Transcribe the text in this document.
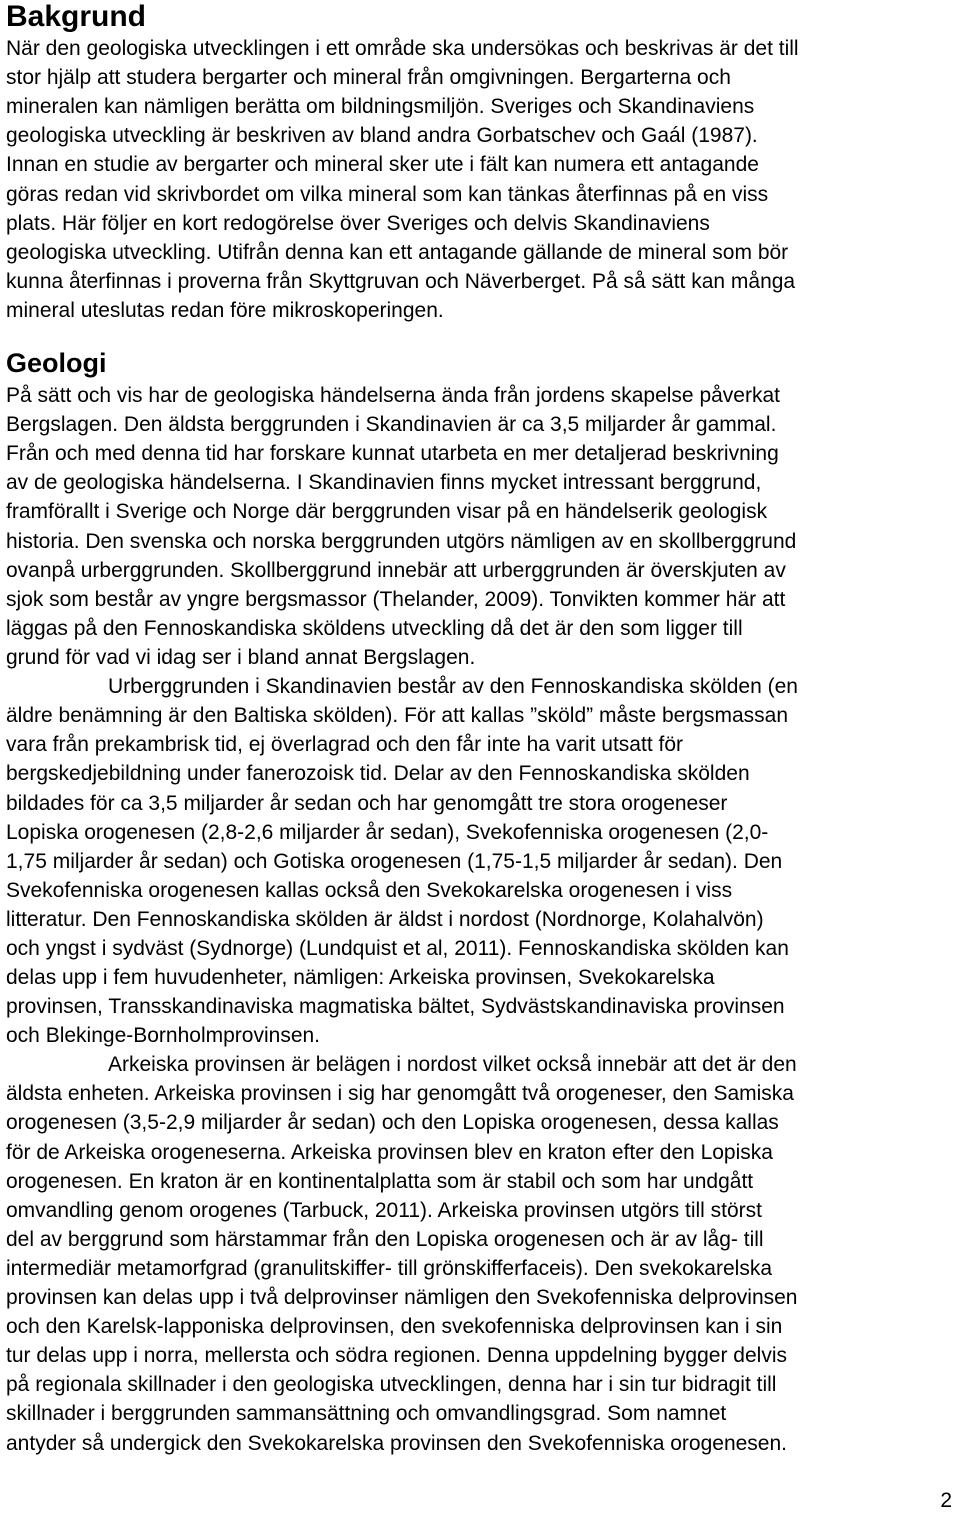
Bakgrund

När den geologiska utvecklingen i ett område ska undersökas och beskrivas är det till

stor hjälp att studera bergarter och mineral från omgivningen. Bergarterna och

mineralen kan nämligen berätta om bildningsmiljön. Sveriges och Skandinaviens

geologiska utveckling är beskriven av bland andra Gorbatschev och Gaál (1987).

Innan en studie av bergarter och mineral sker ute i fält kan numera ett antagande

göras redan vid skrivbordet om vilka mineral som kan tänkas återfinnas på en viss

plats. Här följer en kort redogörelse över Sveriges och delvis Skandinaviens

geologiska utveckling. Utifrån denna kan ett antagande gällande de mineral som bör

kunna återfinnas i proverna från Skyttgruvan och Näverberget. På så sätt kan många

mineral uteslutas redan före mikroskoperingen.

Geologi

På sätt och vis har de geologiska händelserna ända från jordens skapelse påverkat

Bergslagen. Den äldsta berggrunden i Skandinavien är ca 3,5 miljarder år gammal.

Från och med denna tid har forskare kunnat utarbeta en mer detaljerad beskrivning

av de geologiska händelserna. I Skandinavien finns mycket intressant berggrund,

framförallt i Sverige och Norge där berggrunden visar på en händelserik geologisk

historia. Den svenska och norska berggrunden utgörs nämligen av en skollberggrund

ovanpå urberggrunden. Skollberggrund innebär att urberggrunden är överskjuten av

sjok som består av yngre bergsmassor (Thelander, 2009). Tonvikten kommer här att

läggas på den Fennoskandiska sköldens utveckling då det är den som ligger till

grund för vad vi idag ser i bland annat Bergslagen.

Urberggrunden i Skandinavien består av den Fennoskandiska skölden (en

äldre benämning är den Baltiska skölden). För att kallas ”sköld” måste bergsmassan

vara från prekambrisk tid, ej överlagrad och den får inte ha varit utsatt för

bergskedjebildning under fanerozoisk tid. Delar av den Fennoskandiska skölden

bildades för ca 3,5 miljarder år sedan och har genomgått tre stora orogeneser

Lopiska orogenesen (2,8-2,6 miljarder år sedan), Svekofenniska orogenesen (2,0-

1,75 miljarder år sedan) och Gotiska orogenesen (1,75-1,5 miljarder år sedan). Den

Svekofenniska orogenesen kallas också den Svekokarelska orogenesen i viss

litteratur. Den Fennoskandiska skölden är äldst i nordost (Nordnorge, Kolahalvön)

och yngst i sydväst (Sydnorge) (Lundquist et al, 2011). Fennoskandiska skölden kan

delas upp i fem huvudenheter, nämligen: Arkeiska provinsen, Svekokarelska

provinsen, Transskandinaviska magmatiska bältet, Sydvästskandinaviska provinsen

och Blekinge-Bornholmprovinsen.

Arkeiska provinsen är belägen i nordost vilket också innebär att det är den

äldsta enheten. Arkeiska provinsen i sig har genomgått två orogeneser, den Samiska

orogenesen (3,5-2,9 miljarder år sedan) och den Lopiska orogenesen, dessa kallas

för de Arkeiska orogeneserna. Arkeiska provinsen blev en kraton efter den Lopiska

orogenesen. En kraton är en kontinentalplatta som är stabil och som har undgått

omvandling genom orogenes (Tarbuck, 2011). Arkeiska provinsen utgörs till störst

del av berggrund som härstammar från den Lopiska orogenesen och är av låg- till

intermediär metamorfgrad (granulitskiffer- till grönskifferfaceis). Den svekokarelska

provinsen kan delas upp i två delprovinser nämligen den Svekofenniska delprovinsen

och den Karelsk-lapponiska delprovinsen, den svekofenniska delprovinsen kan i sin

tur delas upp i norra, mellersta och södra regionen. Denna uppdelning bygger delvis

på regionala skillnader i den geologiska utvecklingen, denna har i sin tur bidragit till

skillnader i berggrunden sammansättning och omvandlingsgrad. Som namnet

antyder så undergick den Svekokarelska provinsen den Svekofenniska orogenesen.

2
